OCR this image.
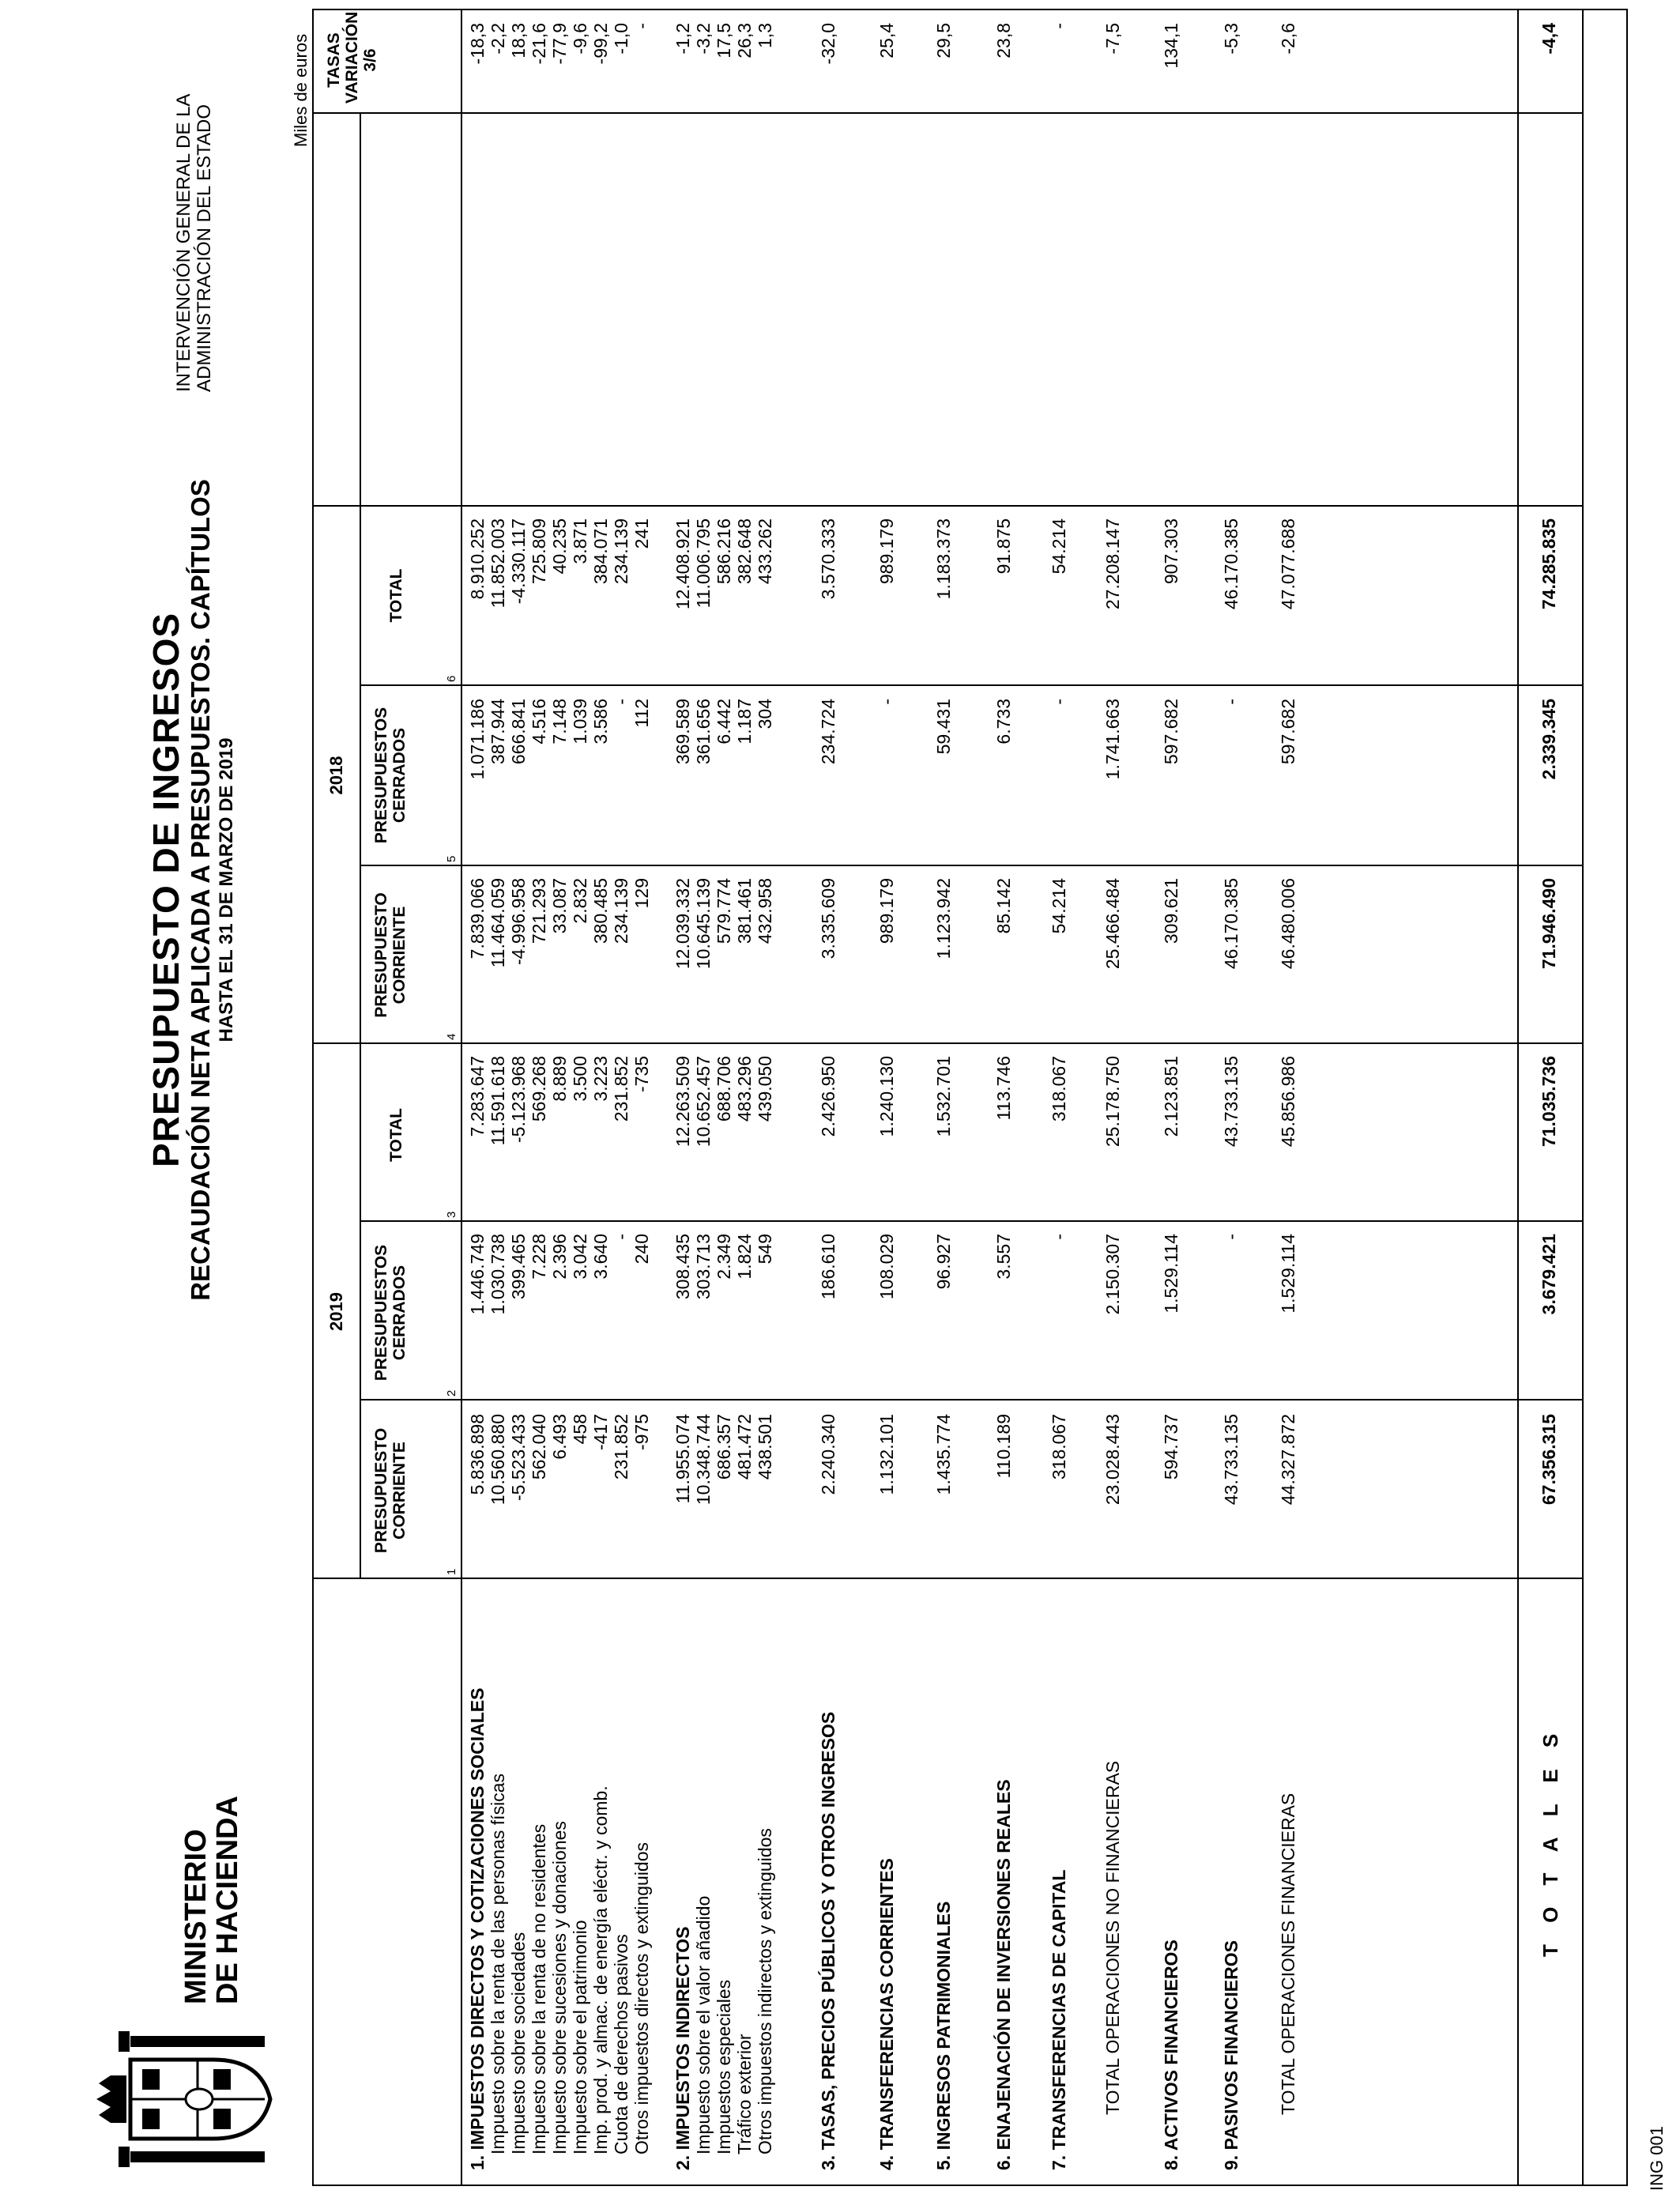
MINISTERIO
DE HACIENDA
PRESUPUESTO DE INGRESOS RECAUDACIÓN NETA APLICADA A PRESUPUESTOS. CAPÍTULOS HASTA EL 31 DE MARZO DE 2019
INTERVENCIÓN GENERAL DE LA ADMINISTRACIÓN DEL ESTADO
Miles de euros
ING 001
2019
2018
PRESUPUESTO CORRIENTE
PRESUPUESTOS CERRADOS
TOTAL
PRESUPUESTO CORRIENTE
PRESUPUESTOS CERRADOS
TOTAL
TASAS VARIACIÓN 3/6
1
2
3
4
5
6
1. IMPUESTOS DIRECTOS Y COTIZACIONES SOCIALES Impuesto sobre la renta de las personas físicas Impuesto sobre sociedades Impuesto sobre la renta de no residentes Impuesto sobre sucesiones y donaciones Impuesto sobre el patrimonio Imp. prod. y almac. de energía eléctr. y comb. Cuota de derechos pasivos Otros impuestos directos y extinguidos 2. IMPUESTOS INDIRECTOS Impuesto sobre el valor añadido Impuestos especiales Tráfico exterior Otros impuestos indirectos y extinguidos 3. TASAS, PRECIOS PÚBLICOS Y OTROS INGRESOS 4. TRANSFERENCIAS CORRIENTES 5. INGRESOS PATRIMONIALES 6. ENAJENACIÓN DE INVERSIONES REALES 7. TRANSFERENCIAS DE CAPITAL TOTAL OPERACIONES NO FINANCIERAS 8. ACTIVOS FINANCIEROS 9. PASIVOS FINANCIEROS TOTAL OPERACIONES FINANCIERAS	T O T A L E S
5.836.898
1.446.749
7.283.647
7.839.066
1.071.186
8.910.252
-18,3
10.560.880
1.030.738
11.591.618
11.464.059
387.944
11.852.003
-2,2
-5.523.433
399.465
-5.123.968
-4.996.958
666.841
-4.330.117
18,3
562.040
7.228
569.268
721.293
4.516
725.809
-21,6
6.493
2.396
8.889
33.087
7.148
40.235
-77,9
458
3.042
3.500
2.832
1.039
3.871
-9,6
-417
3.640
3.223
380.485
3.586
384.071
-99,2
231.852
-
231.852
234.139
-
234.139
-1,0
-975
240
-735
129
112
241
-
11.955.074
308.435
12.263.509
12.039.332
369.589
12.408.921
-1,2
10.348.744
303.713
10.652.457
10.645.139
361.656
11.006.795
-3,2
686.357
2.349
688.706
579.774
6.442
586.216
17,5
481.472
1.824
483.296
381.461
1.187
382.648
26,3
438.501
549
439.050
432.958
304
433.262
1,3
2.240.340
186.610
2.426.950
3.335.609
234.724
3.570.333
-32,0
1.132.101
108.029
1.240.130
989.179
-
989.179
25,4
1.435.774
96.927
1.532.701
1.123.942
59.431
1.183.373
29,5
110.189
3.557
113.746
85.142
6.733
91.875
23,8
318.067
-
318.067
54.214
-
54.214
-
23.028.443
2.150.307
25.178.750
25.466.484
1.741.663
27.208.147
-7,5
594.737
1.529.114
2.123.851
309.621
597.682
907.303
134,1
43.733.135
-
43.733.135
46.170.385
-
46.170.385
-5,3
44.327.872
1.529.114
45.856.986
46.480.006
597.682
47.077.688
-2,6
67.356.315
3.679.421
71.035.736
71.946.490
2.339.345
74.285.835
-4,4
